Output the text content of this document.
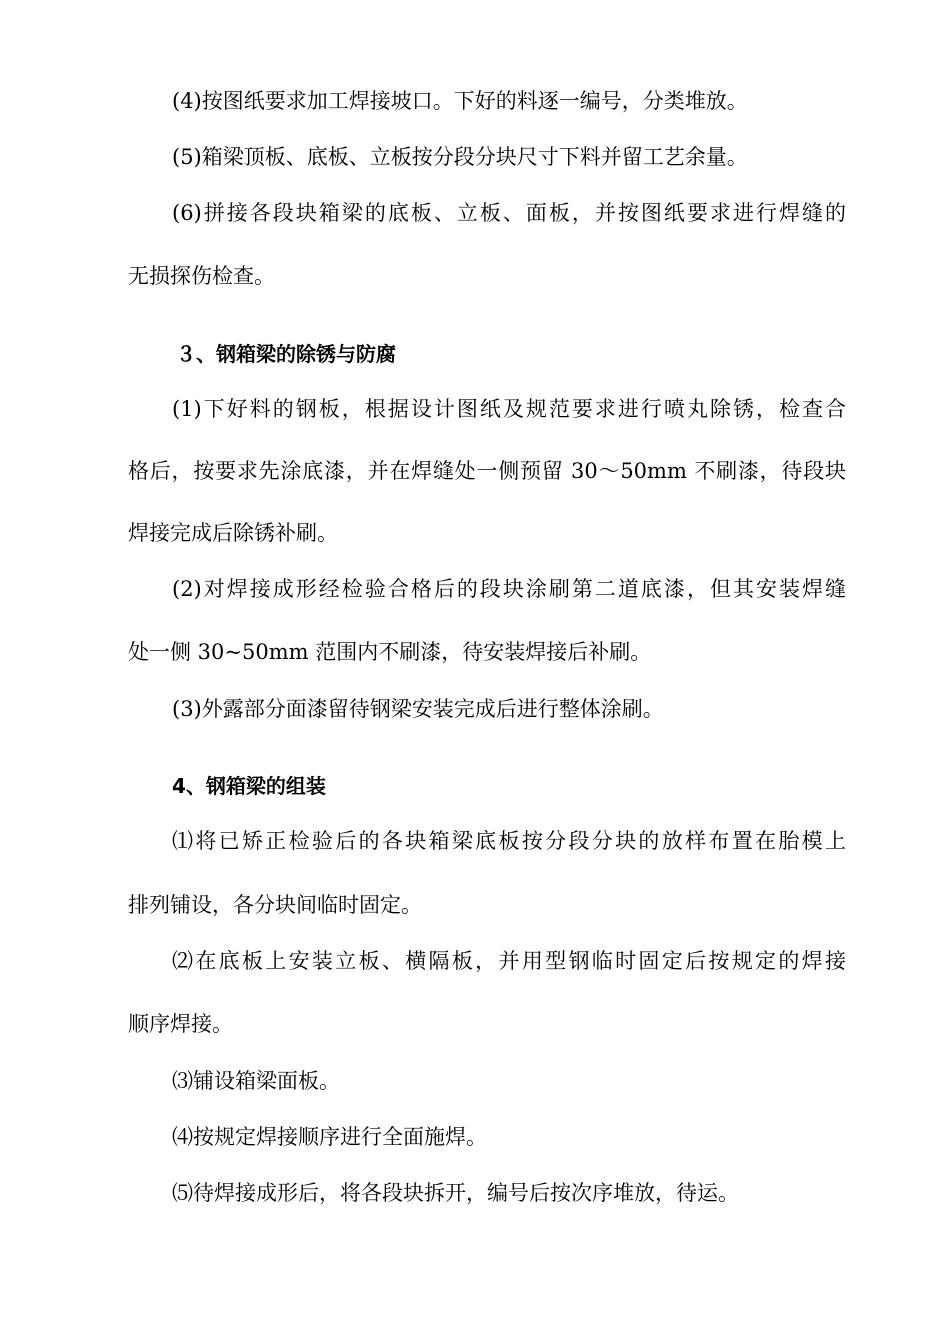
(4)按图纸要求加工焊接坡口。下好的料逐一编号，分类堆放。
(5)箱梁顶板、底板、立板按分段分块尺寸下料并留工艺余量。
(6)拼接各段块箱梁的底板、立板、面板，并按图纸要求进行焊缝的
无损探伤检查。
３、钢箱梁的除锈与防腐
(1)下好料的钢板，根据设计图纸及规范要求进行喷丸除锈，检查合
格后，按要求先涂底漆，并在焊缝处一侧预留 30～50mm 不刷漆，待段块
焊接完成后除锈补刷。
(2)对焊接成形经检验合格后的段块涂刷第二道底漆，但其安装焊缝
处一侧 30~50mm 范围内不刷漆，待安装焊接后补刷。
(3)外露部分面漆留待钢梁安装完成后进行整体涂刷。
4、钢箱梁的组装
⑴将已矫正检验后的各块箱梁底板按分段分块的放样布置在胎模上
排列铺设，各分块间临时固定。
⑵在底板上安装立板、横隔板，并用型钢临时固定后按规定的焊接
顺序焊接。
⑶铺设箱梁面板。
⑷按规定焊接顺序进行全面施焊。
⑸待焊接成形后，将各段块拆开，编号后按次序堆放，待运。
